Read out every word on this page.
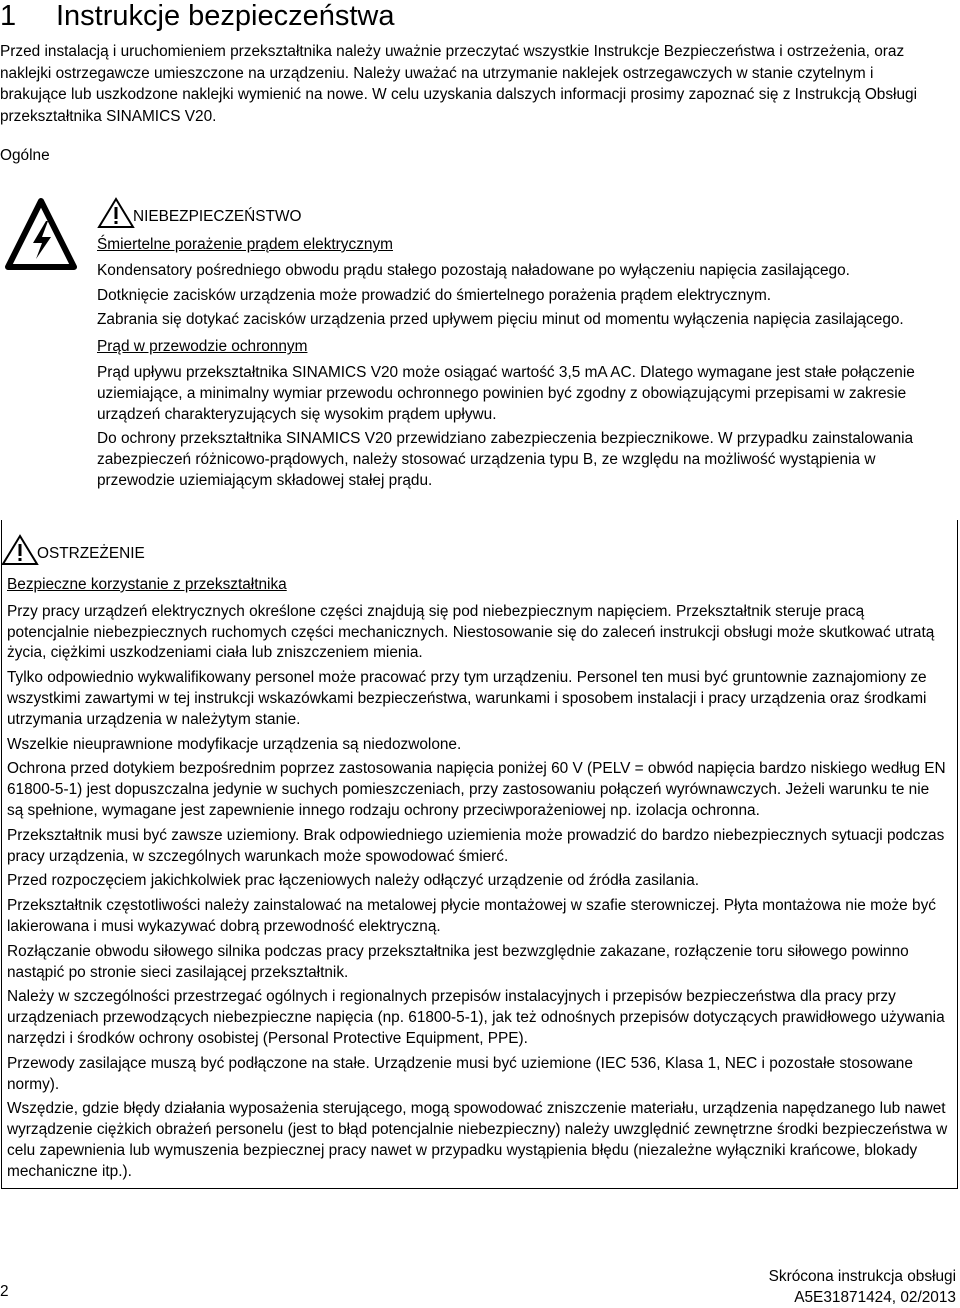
1 Instrukcje bezpieczeństwa
Przed instalacją i uruchomieniem przekształtnika należy uważnie przeczytać wszystkie Instrukcje Bezpieczeństwa i ostrzeżenia, oraz naklejki ostrzegawcze umieszczone na urządzeniu. Należy uważać na utrzymanie naklejek ostrzegawczych w stanie czytelnym i brakujące lub uszkodzone naklejki wymienić na nowe. W celu uzyskania dalszych informacji prosimy zapoznać się z Instrukcją Obsługi przekształtnika SINAMICS V20.
Ogólne
NIEBEZPIECZEŃSTWO
Śmiertelne porażenie prądem elektrycznym

Kondensatory pośredniego obwodu prądu stałego pozostają naładowane po wyłączeniu napięcia zasilającego.

Dotknięcie zacisków urządzenia może prowadzić do śmiertelnego porażenia prądem elektrycznym.

Zabrania się dotykać zacisków urządzenia przed upływem pięciu minut od momentu wyłączenia napięcia zasilającego.

Prąd w przewodzie ochronnym

Prąd upływu przekształtnika SINAMICS V20 może osiągać wartość 3,5 mA AC. Dlatego wymagane jest stałe połączenie uziemiające, a minimalny wymiar przewodu ochronnego powinien być zgodny z obowiązującymi przepisami w zakresie urządzeń charakteryzujących się wysokim prądem upływu.

Do ochrony przekształtnika SINAMICS V20 przewidziano zabezpieczenia bezpiecznikowe. W przypadku zainstalowania zabezpieczeń różnicowo-prądowych, należy stosować urządzenia typu B, ze względu na możliwość wystąpienia w przewodzie uziemiającym składowej stałej prądu.

OSTRZEŻENIE
Bezpieczne korzystanie z przekształtnika

Przy pracy urządzeń elektrycznych określone części znajdują się pod niebezpiecznym napięciem. Przekształtnik steruje pracą potencjalnie niebezpiecznych ruchomych części mechanicznych. Niestosowanie się do zaleceń instrukcji obsługi może skutkować utratą życia, ciężkimi uszkodzeniami ciała lub zniszczeniem mienia.

Tylko odpowiednio wykwalifikowany personel może pracować przy tym urządzeniu. Personel ten musi być gruntownie zaznajomiony ze wszystkimi zawartymi w tej instrukcji wskazówkami bezpieczeństwa, warunkami i sposobem instalacji i pracy urządzenia oraz środkami utrzymania urządzenia w należytym stanie.

Wszelkie nieuprawnione modyfikacje urządzenia są niedozwolone.

Ochrona przed dotykiem bezpośrednim poprzez zastosowania napięcia poniżej 60 V (PELV = obwód napięcia bardzo niskiego według EN 61800-5-1) jest dopuszczalna jedynie w suchych pomieszczeniach, przy zastosowaniu połączeń wyrównawczych. Jeżeli warunku te nie są spełnione, wymagane jest zapewnienie innego rodzaju ochrony przeciwporażeniowej np. izolacja ochronna.

Przekształtnik musi być zawsze uziemiony. Brak odpowiedniego uziemienia może prowadzić do bardzo niebezpiecznych sytuacji podczas pracy urządzenia, w szczególnych warunkach może spowodować śmierć.

Przed rozpoczęciem jakichkolwiek prac łączeniowych należy odłączyć urządzenie od źródła zasilania.

Przekształtnik częstotliwości należy zainstalować na metalowej płycie montażowej w szafie sterowniczej. Płyta montażowa nie może być lakierowana i musi wykazywać dobrą przewodność elektryczną.

Rozłączanie obwodu siłowego silnika podczas pracy przekształtnika jest bezwzględnie zakazane, rozłączenie toru siłowego powinno nastąpić po stronie sieci zasilającej przekształtnik.

Należy w szczególności przestrzegać ogólnych i regionalnych przepisów instalacyjnych i przepisów bezpieczeństwa dla pracy przy urządzeniach przewodzących niebezpieczne napięcia (np. 61800-5-1), jak też odnośnych przepisów dotyczących prawidłowego używania narzędzi i środków ochrony osobistej (Personal Protective Equipment, PPE).

Przewody zasilające muszą być podłączone na stałe. Urządzenie musi być uziemione (IEC 536, Klasa 1, NEC i pozostałe stosowane normy).

Wszędzie, gdzie błędy działania wyposażenia sterującego, mogą spowodować zniszczenie materiału, urządzenia napędzanego lub nawet wyrządzenie ciężkich obrażeń personelu (jest to błąd potencjalnie niebezpieczny) należy uwzględnić zewnętrzne środki bezpieczeństwa w celu zapewnienia lub wymuszenia bezpiecznej pracy nawet w przypadku wystąpienia błędu (niezależne wyłączniki krańcowe, blokady mechaniczne itp.).

2
Skrócona instrukcja obsługi
A5E31871424, 02/2013
